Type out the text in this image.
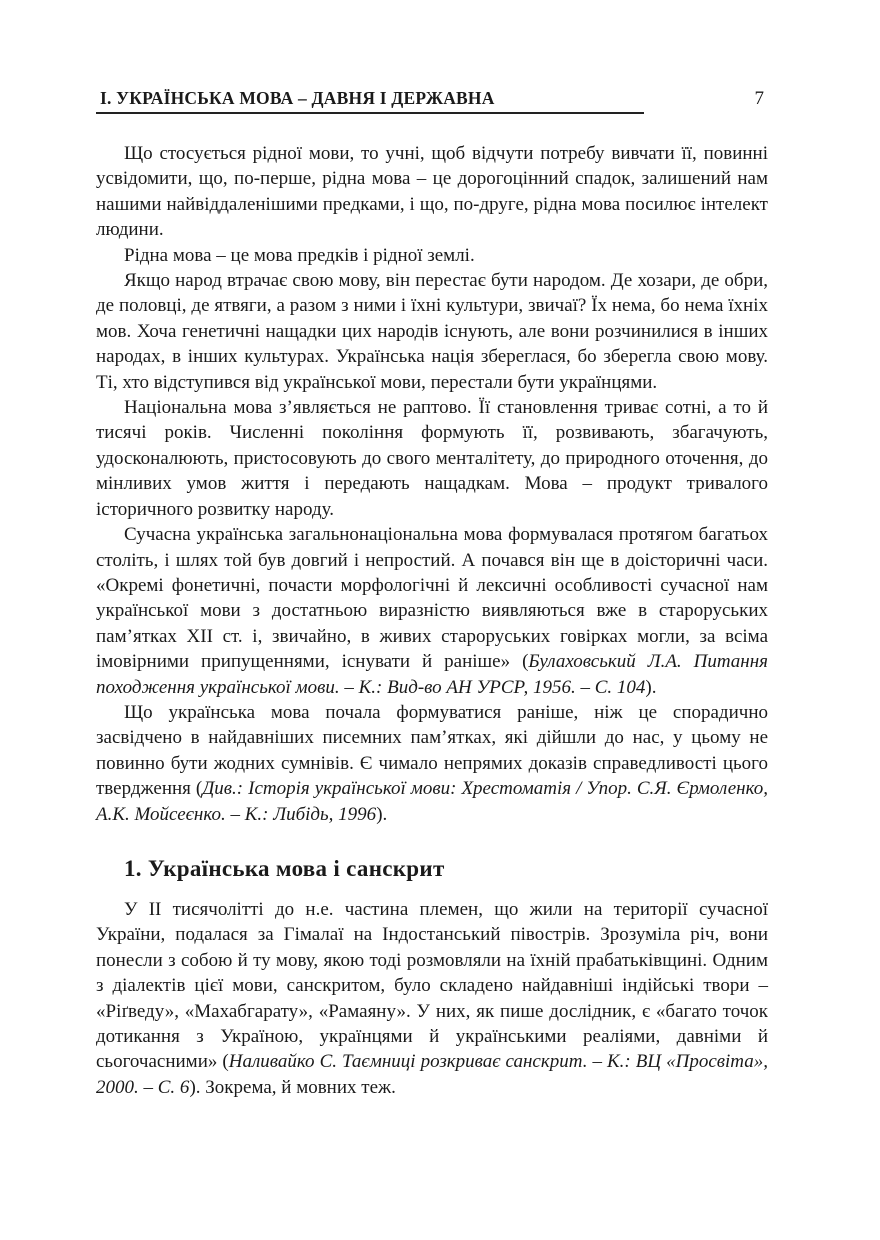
І. УКРАЇНСЬКА МОВА – ДАВНЯ І ДЕРЖАВНА	7

Що стосується рідної мови, то учні, щоб відчути потребу вивчати її, повинні усвідомити, що, по-перше, рідна мова – це дорогоцінний спадок, залишений нам нашими найвіддаленішими предками, і що, по-друге, рідна мова посилює інтелект людини.

Рідна мова – це мова предків і рідної землі.

Якщо народ втрачає свою мову, він перестає бути народом. Де хозари, де обри, де половці, де ятвяги, а разом з ними і їхні культури, звичаї? Їх нема, бо нема їхніх мов. Хоча генетичні нащадки цих народів існують, але вони розчинилися в інших народах, в інших культурах. Українська нація збереглася, бо зберегла свою мову. Ті, хто відступився від української мови, перестали бути українцями.

Національна мова з’являється не раптово. Її становлення триває сотні, а то й тисячі років. Численні покоління формують її, розвивають, збагачують, удосконалюють, пристосовують до свого менталітету, до природного оточення, до мінливих умов життя і передають нащадкам. Мова – продукт тривалого історичного розвитку народу.

Сучасна українська загальнонаціональна мова формувалася протягом багатьох століть, і шлях той був довгий і непростий. А почався він ще в доісторичні часи. «Окремі фонетичні, почасти морфологічні й лексичні особливості сучасної нам української мови з достатньою виразністю виявляються вже в староруських пам’ятках XII ст. і, звичайно, в живих староруських говірках могли, за всіма імовірними припущеннями, існувати й раніше» (Булаховський Л.А. Питання походження української мови. – К.: Вид-во АН УРСР, 1956. – С. 104).

Що українська мова почала формуватися раніше, ніж це спорадично засвідчено в найдавніших писемних пам’ятках, які дійшли до нас, у цьому не повинно бути жодних сумнівів. Є чимало непрямих доказів справедливості цього твердження (Див.: Історія української мови: Хрестоматія / Упор. С.Я. Єрмоленко, А.К. Мойсеєнко. – К.: Либідь, 1996).

1. Українська мова і санскрит

У ІІ тисячолітті до н.е. частина племен, що жили на території сучасної України, подалася за Гімалаї на Індостанський півострів. Зрозуміла річ, вони понесли з собою й ту мову, якою тоді розмовляли на їхній прабатьківщині. Одним з діалектів цієї мови, санскритом, було складено найдавніші індійські твори – «Ріґведу», «Махабгарату», «Рамаяну». У них, як пише дослідник, є «багато точок дотикання з Україною, українцями й українськими реаліями, давніми й сьогочасними» (Наливайко С. Таємниці розкриває санскрит. – К.: ВЦ «Просвіта», 2000. – С. 6). Зокрема, й мовних теж.
